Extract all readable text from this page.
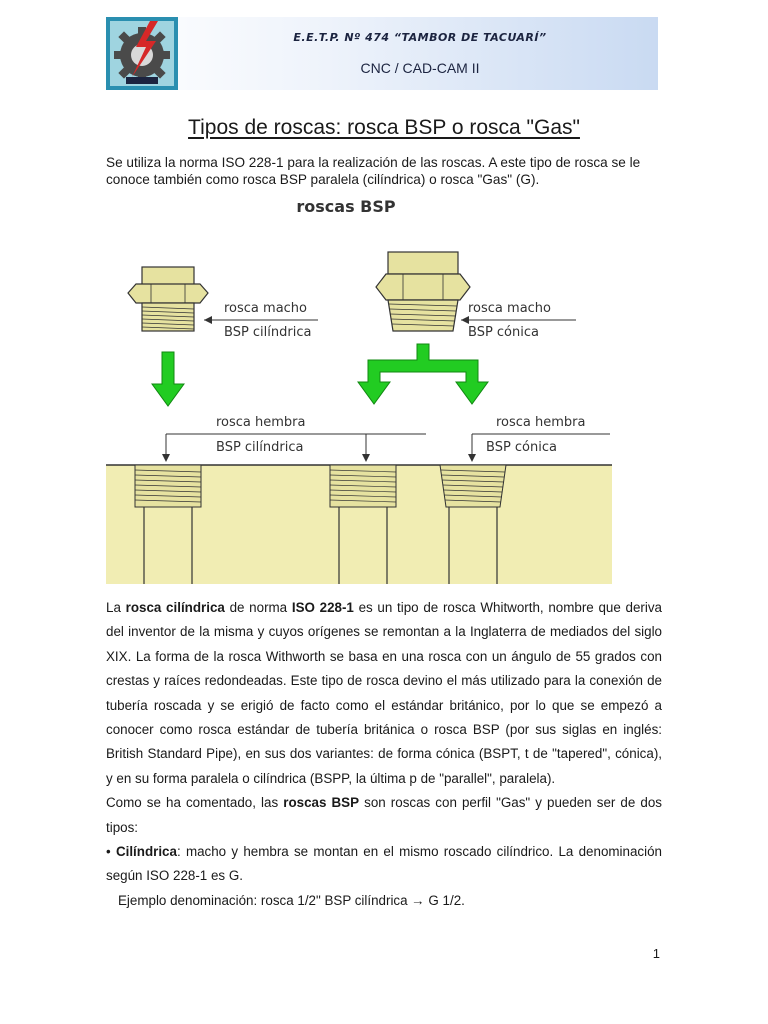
E.E.T.P. Nº 474 “TAMBOR DE TACUARÍ”
CNC / CAD-CAM II
Tipos de roscas: rosca BSP o rosca "Gas"
Se utiliza la norma ISO 228-1 para la realización de las roscas. A este tipo de rosca se le conoce también como rosca BSP paralela (cilíndrica) o rosca "Gas" (G).
roscas BSP
rosca macho
BSP cilíndrica
rosca macho
BSP cónica
rosca hembra
BSP cilíndrica
rosca hembra
BSP cónica

La rosca cilíndrica de norma ISO 228-1 es un tipo de rosca Whitworth, nombre que deriva del inventor de la misma y cuyos orígenes se remontan a la Inglaterra de mediados del siglo XIX. La forma de la rosca Withworth se basa en una rosca con un ángulo de 55 grados con crestas y raíces redondeadas. Este tipo de rosca devino el más utilizado para la conexión de tubería roscada y se erigió de facto como el estándar británico, por lo que se empezó a conocer como rosca estándar de tubería británica o rosca BSP (por sus siglas en inglés: British Standard Pipe), en sus dos variantes: de forma cónica (BSPT, t de "tapered", cónica), y en su forma paralela o cilíndrica (BSPP, la última p de "parallel", paralela).

Como se ha comentado, las roscas BSP son roscas con perfil "Gas" y pueden ser de dos tipos:

• Cilíndrica: macho y hembra se montan en el mismo roscado cilíndrico. La denominación según ISO 228-1 es G.

Ejemplo denominación: rosca 1/2" BSP cilíndrica → G 1/2.

1
